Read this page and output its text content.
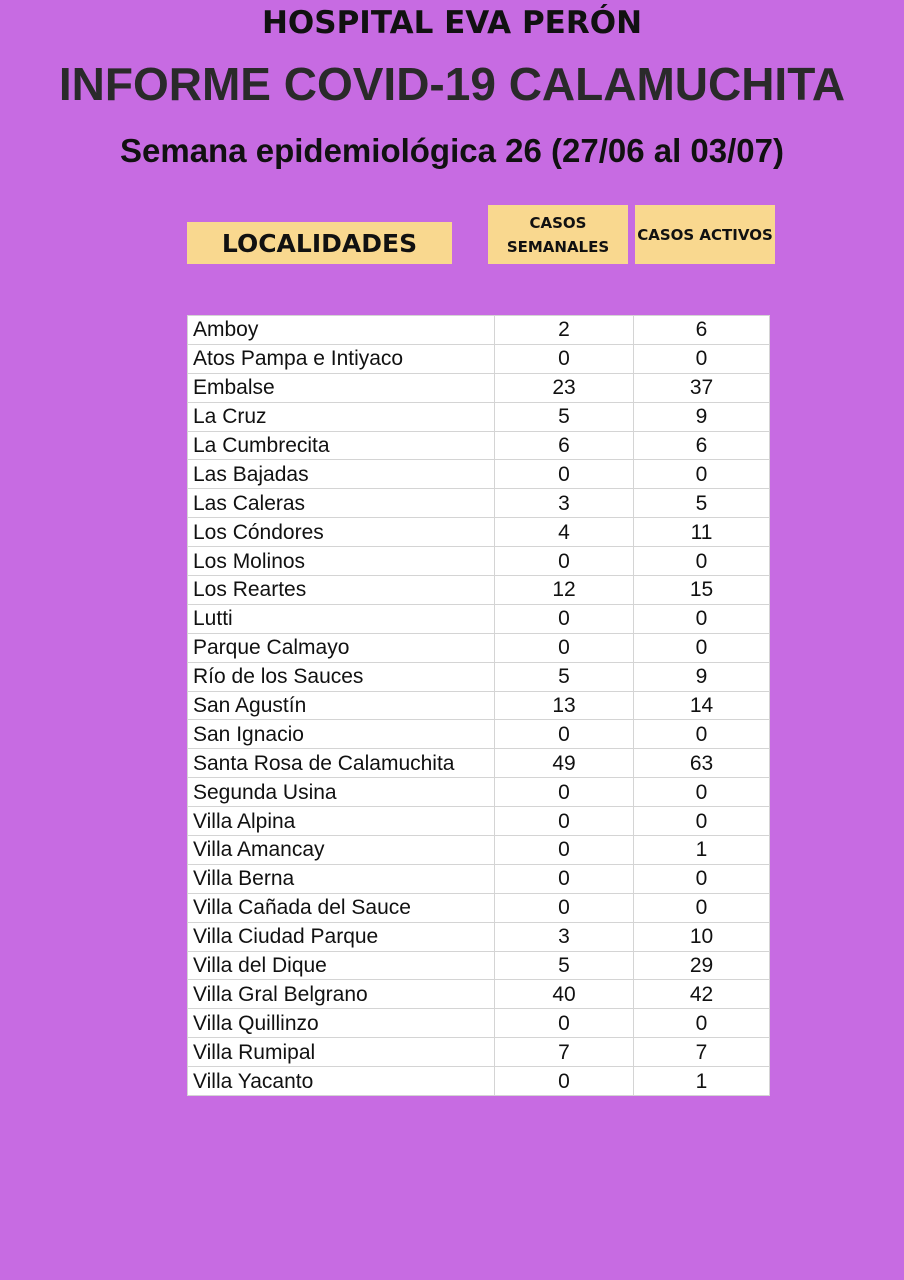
HOSPITAL EVA PERÓN
INFORME COVID-19 CALAMUCHITA
Semana epidemiológica 26 (27/06 al 03/07)
LOCALIDADES
CASOS SEMANALES
CASOS ACTIVOS
Amboy	2	6
Atos Pampa e Intiyaco	0	0
Embalse	23	37
La Cruz	5	9
La Cumbrecita	6	6
Las Bajadas	0	0
Las Caleras	3	5
Los Cóndores	4	11
Los Molinos	0	0
Los Reartes	12	15
Lutti	0	0
Parque Calmayo	0	0
Río de los Sauces	5	9
San Agustín	13	14
San Ignacio	0	0
Santa Rosa de Calamuchita	49	63
Segunda Usina	0	0
Villa Alpina	0	0
Villa Amancay	0	1
Villa Berna	0	0
Villa Cañada del Sauce	0	0
Villa Ciudad Parque	3	10
Villa del Dique	5	29
Villa Gral Belgrano	40	42
Villa Quillinzo	0	0
Villa Rumipal	7	7
Villa Yacanto	0	1
